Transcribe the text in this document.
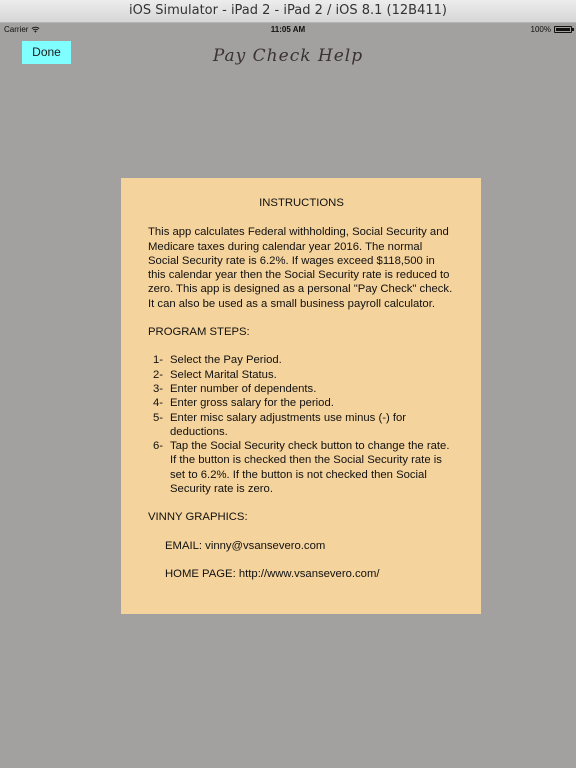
iOS Simulator - iPad 2 - iPad 2 / iOS 8.1 (12B411)
Carrier	11:05 AM	100%
Done	Pay Check Help
INSTRUCTIONS

This app calculates Federal withholding, Social Security and Medicare taxes during calendar year 2016. The normal Social Security rate is 6.2%. If wages exceed $118,500 in this calendar year then the Social Security rate is reduced to zero. This app is designed as a personal "Pay Check" check. It can also be used as a small business payroll calculator.

PROGRAM STEPS:

1- Select the Pay Period.
2- Select Marital Status.
3- Enter number of dependents.
4- Enter gross salary for the period.
5- Enter misc salary adjustments use minus (-) for deductions.
6- Tap the Social Security check button to change the rate. If the button is checked then the Social Security rate is set to 6.2%. If the button is not checked then Social Security rate is zero.

VINNY GRAPHICS:

EMAIL: vinny@vsansevero.com

HOME PAGE: http://www.vsansevero.com/
